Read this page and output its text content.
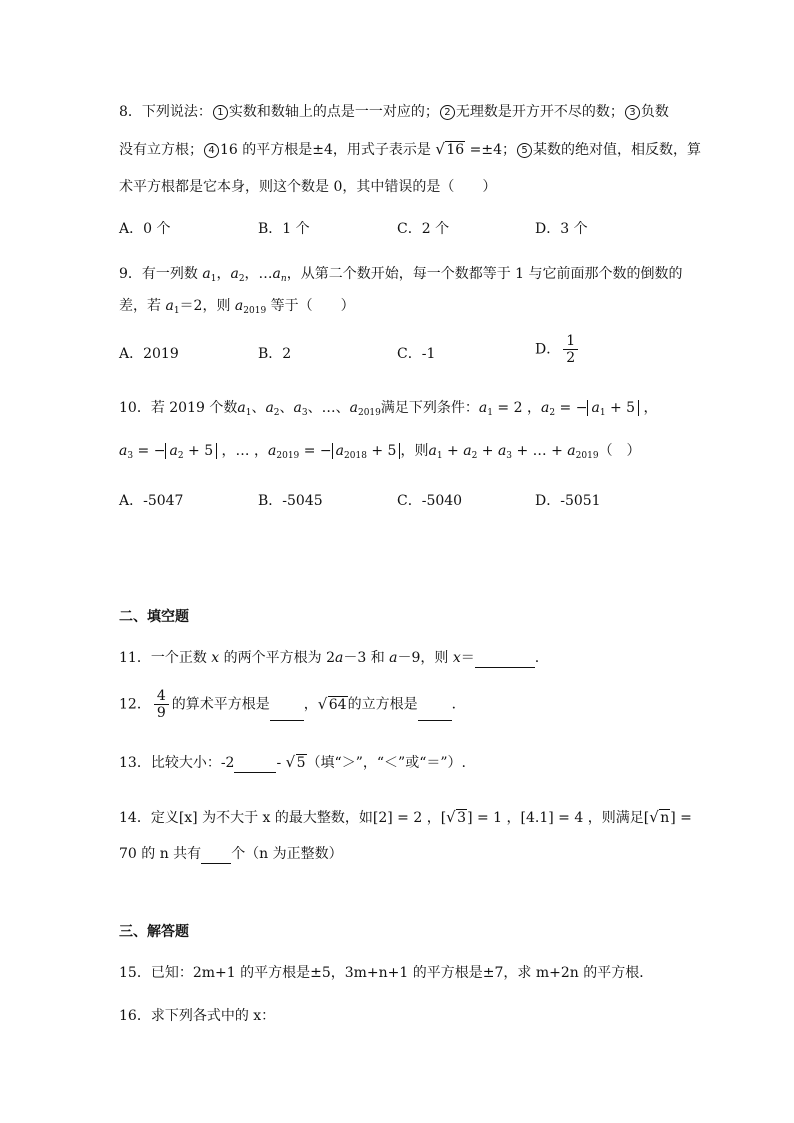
8．下列说法： 1 实数和数轴上的点是一一对应的； 2 无理数是开方开不尽的数； 3 负数
没有立方根； 4 16 的平方根是±4，用式子表示是 √ 16 =±4； 5 某数的绝对值，相反数，算
术平方根都是它本身，则这个数是 0，其中错误的是（　　）
A．0 个	B．1 个	C．2 个	D．3 个
9．有一列数 $a_1$，$a_2$，$\dots a_n$，从第二个数开始，每一个数都等于 1 与它前面那个数的倒数的
差，若 $a_1=2$，则 $a_{2019}$ 等于（　　）
A．2019	B．2	C．-1	D． $\frac{1}{2}$
10．若 2019 个数$a_1$、$a_2$、$a_3$、…、$a_{2019}$满足下列条件：$a_1 = 2$ ，$a_2$ = − $a_1 + 5$ ，
$a_3$ = − $a_2 + 5$ ，… ，$a_{2019}$ = − $a_{2018} + 5$ ，则$a_1 + a_2 + a_3$ + … + $a_{2019}$（　）
A．-5047	B．-5045	C．-5040	D．-5051
二、填空题
11．一个正数 x 的两个平方根为 2a－3 和 a－9，则 x＝	.
12． $\frac{4}{9}$ 的算术平方根是 ， √ 64的立方根是 ．
13．比较大小：-2	- √ 5（填“＞”，“＜”或“＝”）.
14．定义[x] 为不大于 x 的最大整数，如[2] = 2 ，[ √ 3] = 1 ，[4.1] = 4 ，则满足[ √ n] =
70 的 n 共有 个（n 为正整数）
三、解答题
15．已知：2m+1 的平方根是±5，3m+n+1 的平方根是±7，求 m+2n 的平方根．
16．求下列各式中的 x：
